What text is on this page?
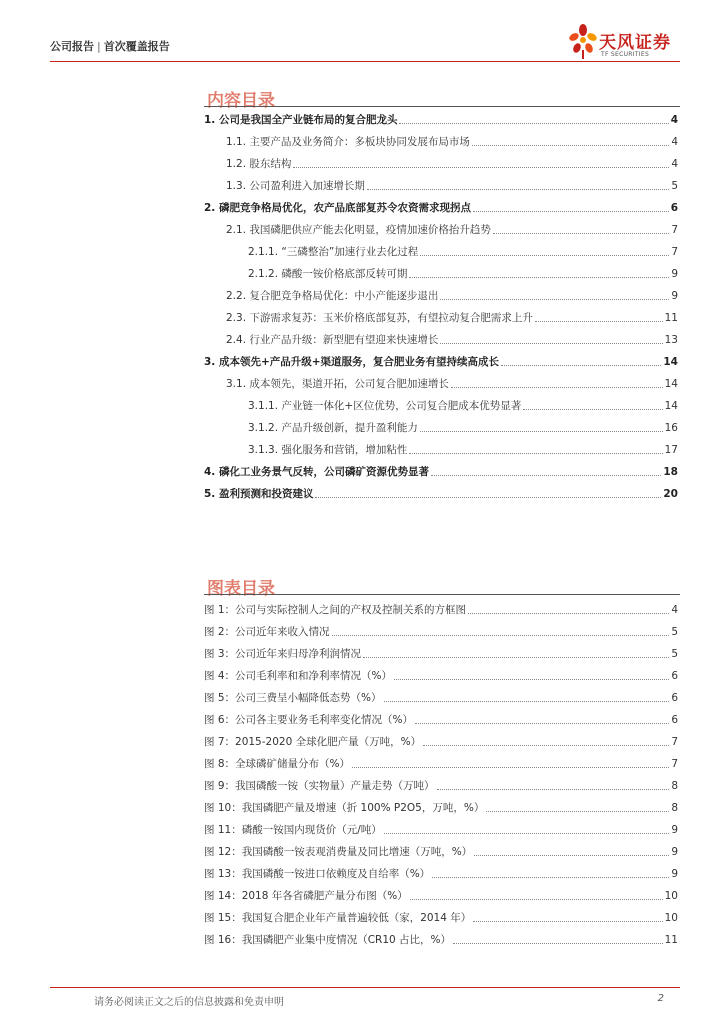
公司报告 | 首次覆盖报告	天风证券
TF SECURITIES
内容目录
1. 公司是我国全产业链布局的复合肥龙头	4
1.1. 主要产品及业务简介：多板块协同发展布局市场	4
1.2. 股东结构	4
1.3. 公司盈利进入加速增长期	5
2. 磷肥竞争格局优化，农产品底部复苏令农资需求现拐点	6
2.1. 我国磷肥供应产能去化明显，疫情加速价格抬升趋势	7
2.1.1. “三磷整治”加速行业去化过程	7
2.1.2. 磷酸一铵价格底部反转可期	9
2.2. 复合肥竞争格局优化：中小产能逐步退出	9
2.3. 下游需求复苏：玉米价格底部复苏，有望拉动复合肥需求上升	11
2.4. 行业产品升级：新型肥有望迎来快速增长	13
3. 成本领先+产品升级+渠道服务，复合肥业务有望持续高成长	14
3.1. 成本领先，渠道开拓，公司复合肥加速增长	14
3.1.1. 产业链一体化+区位优势，公司复合肥成本优势显著	14
3.1.2. 产品升级创新，提升盈利能力	16
3.1.3. 强化服务和营销，增加粘性	17
4. 磷化工业务景气反转，公司磷矿资源优势显著	18
5. 盈利预测和投资建议	20
图表目录
图 1：公司与实际控制人之间的产权及控制关系的方框图	4
图 2：公司近年来收入情况	5
图 3：公司近年来归母净利润情况	5
图 4：公司毛利率和和净利率情况（%）	6
图 5：公司三费呈小幅降低态势（%）	6
图 6：公司各主要业务毛利率变化情况（%）	6
图 7：2015-2020 全球化肥产量（万吨，%）	7
图 8：全球磷矿储量分布（%）	7
图 9：我国磷酸一铵（实物量）产量走势（万吨）	8
图 10：我国磷肥产量及增速（折 100% P2O5，万吨，%）	8
图 11：磷酸一铵国内现货价（元/吨）	9
图 12：我国磷酸一铵表观消费量及同比增速（万吨，%）	9
图 13：我国磷酸一铵进口依赖度及自给率（%）	9
图 14：2018 年各省磷肥产量分布图（%）	10
图 15：我国复合肥企业年产量普遍较低（家，2014 年）	10
图 16：我国磷肥产业集中度情况（CR10 占比，%）	11
请务必阅读正文之后的信息披露和免责申明	2
